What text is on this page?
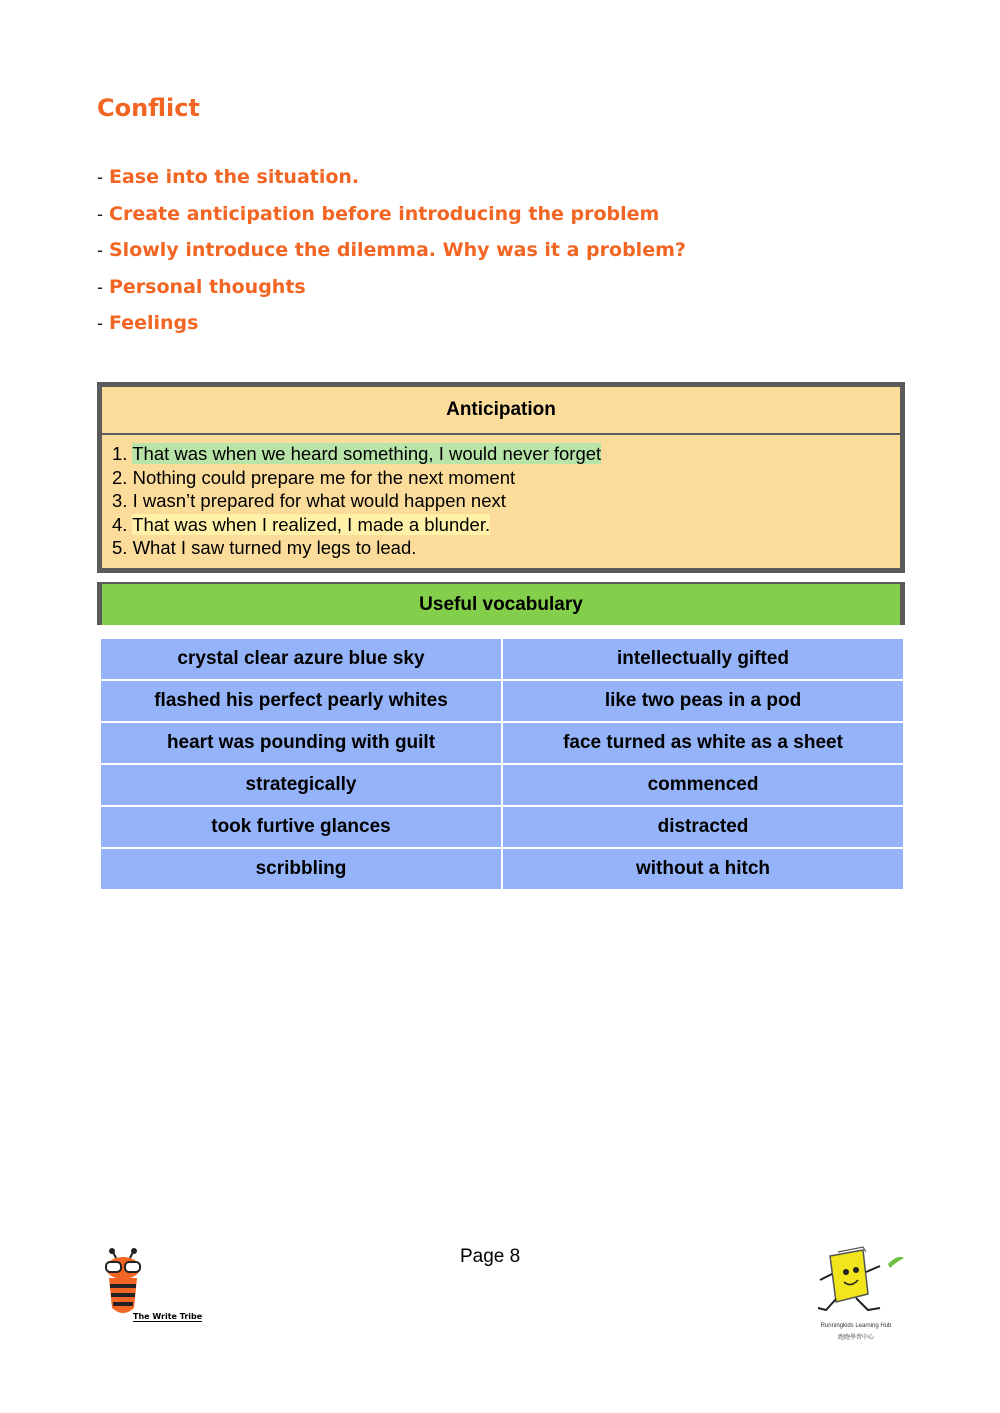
Conflict
- Ease into the situation.
- Create anticipation before introducing the problem
- Slowly introduce the dilemma. Why was it a problem?
- Personal thoughts
- Feelings
Anticipation
1. That was when we heard something, I would never forget
2. Nothing could prepare me for the next moment
3. I wasn’t prepared for what would happen next
4. That was when I realized, I made a blunder.
5. What I saw turned my legs to lead.
Useful vocabulary
crystal clear azure blue sky	intellectually gifted
flashed his perfect pearly whites	like two peas in a pod
heart was pounding with guilt	face turned as white as a sheet
strategically	commenced
took furtive glances	distracted
scribbling	without a hitch
Page 8
The Write Tribe
Runningkids Learning Hub
跑跑學習中心
